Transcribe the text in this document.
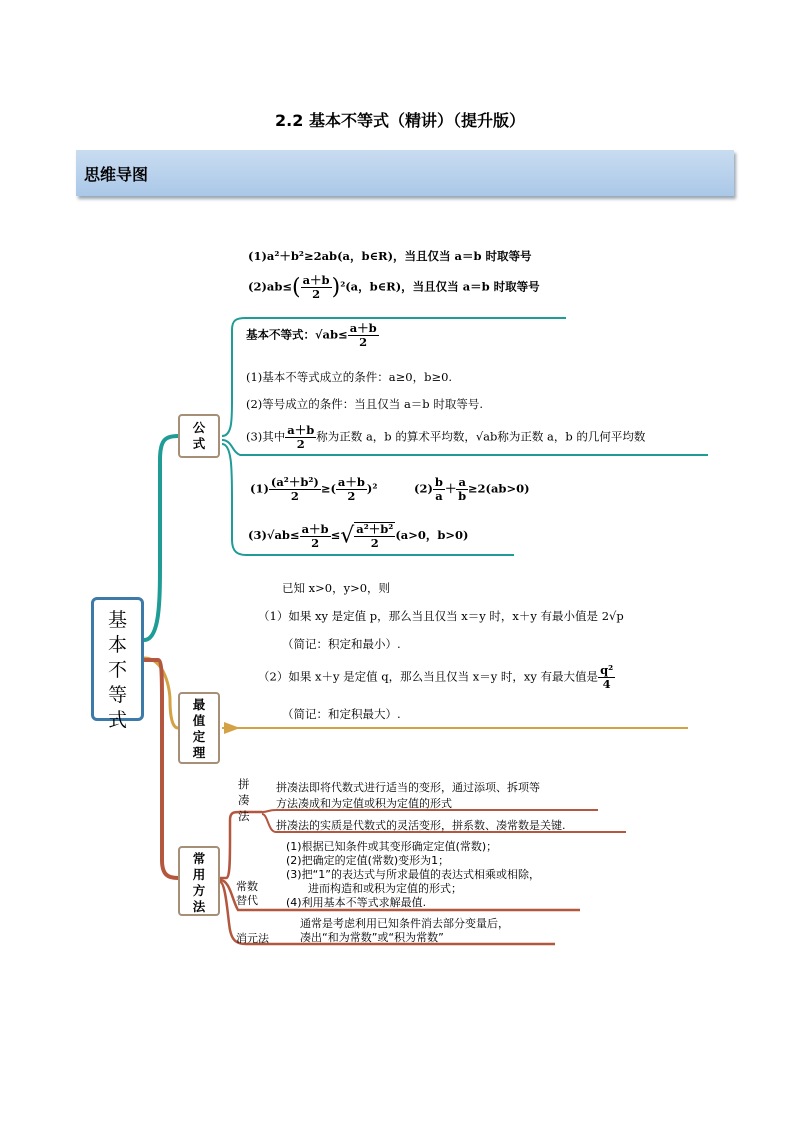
2.2 基本不等式（精讲）（提升版）
思维导图
基
本
不
等
式
公
式
最
值
定
理
常
用
方
法
(1)a²＋b²≥2ab(a，b∈R)，当且仅当 a＝b 时取等号
$(2)ab\le( \frac{a+b}{2} )^2(a$，b∈R)，当且仅当 a＝b 时取等号
基本不等式：$√ab\le \frac{a+b}{2}$
(1)基本不等式成立的条件：a≥0，b≥0.
(2)等号成立的条件：当且仅当 a＝b 时取等号.
(3)其中 $\frac{a+b}{2}$ 称为正数 a，b 的算术平均数，√ab称为正数 a，b 的几何平均数
$(1) \frac{\text{(a²＋b²)}}{2}$ ≥( $\frac{a+b}{2} )^2$	$(2) \frac{b}{a} + \frac{a}{b} \ge 2(ab>0)$
$(3)√ab\le \frac{a+b}{2}$ ≤√ $\frac{\text{a²＋b²}}{2} (a>0$，b>0)
已知 x>0，y>0，则
（1）如果 xy 是定值 p，那么当且仅当 x＝y 时，x＋y 有最小值是 2√p
（简记：积定和最小）.
（2）如果 x＋y 是定值 q，那么当且仅当 x＝y 时，xy 有最大值是 $\frac{\text{q²}}{4}$
（简记：和定积最大）.
拼
凑
法
拼凑法即将代数式进行适当的变形，通过添项、拆项等
方法凑成和为定值或积为定值的形式
拼凑法的实质是代数式的灵活变形，拼系数、凑常数是关键.
常数
替代
(1)根据已知条件或其变形确定定值(常数)；
(2)把确定的定值(常数)变形为1；
(3)把“1”的表达式与所求最值的表达式相乘或相除，
进而构造和或积为定值的形式；
(4)利用基本不等式求解最值.
消元法
通常是考虑利用已知条件消去部分变量后，
凑出“和为常数”或“积为常数”
